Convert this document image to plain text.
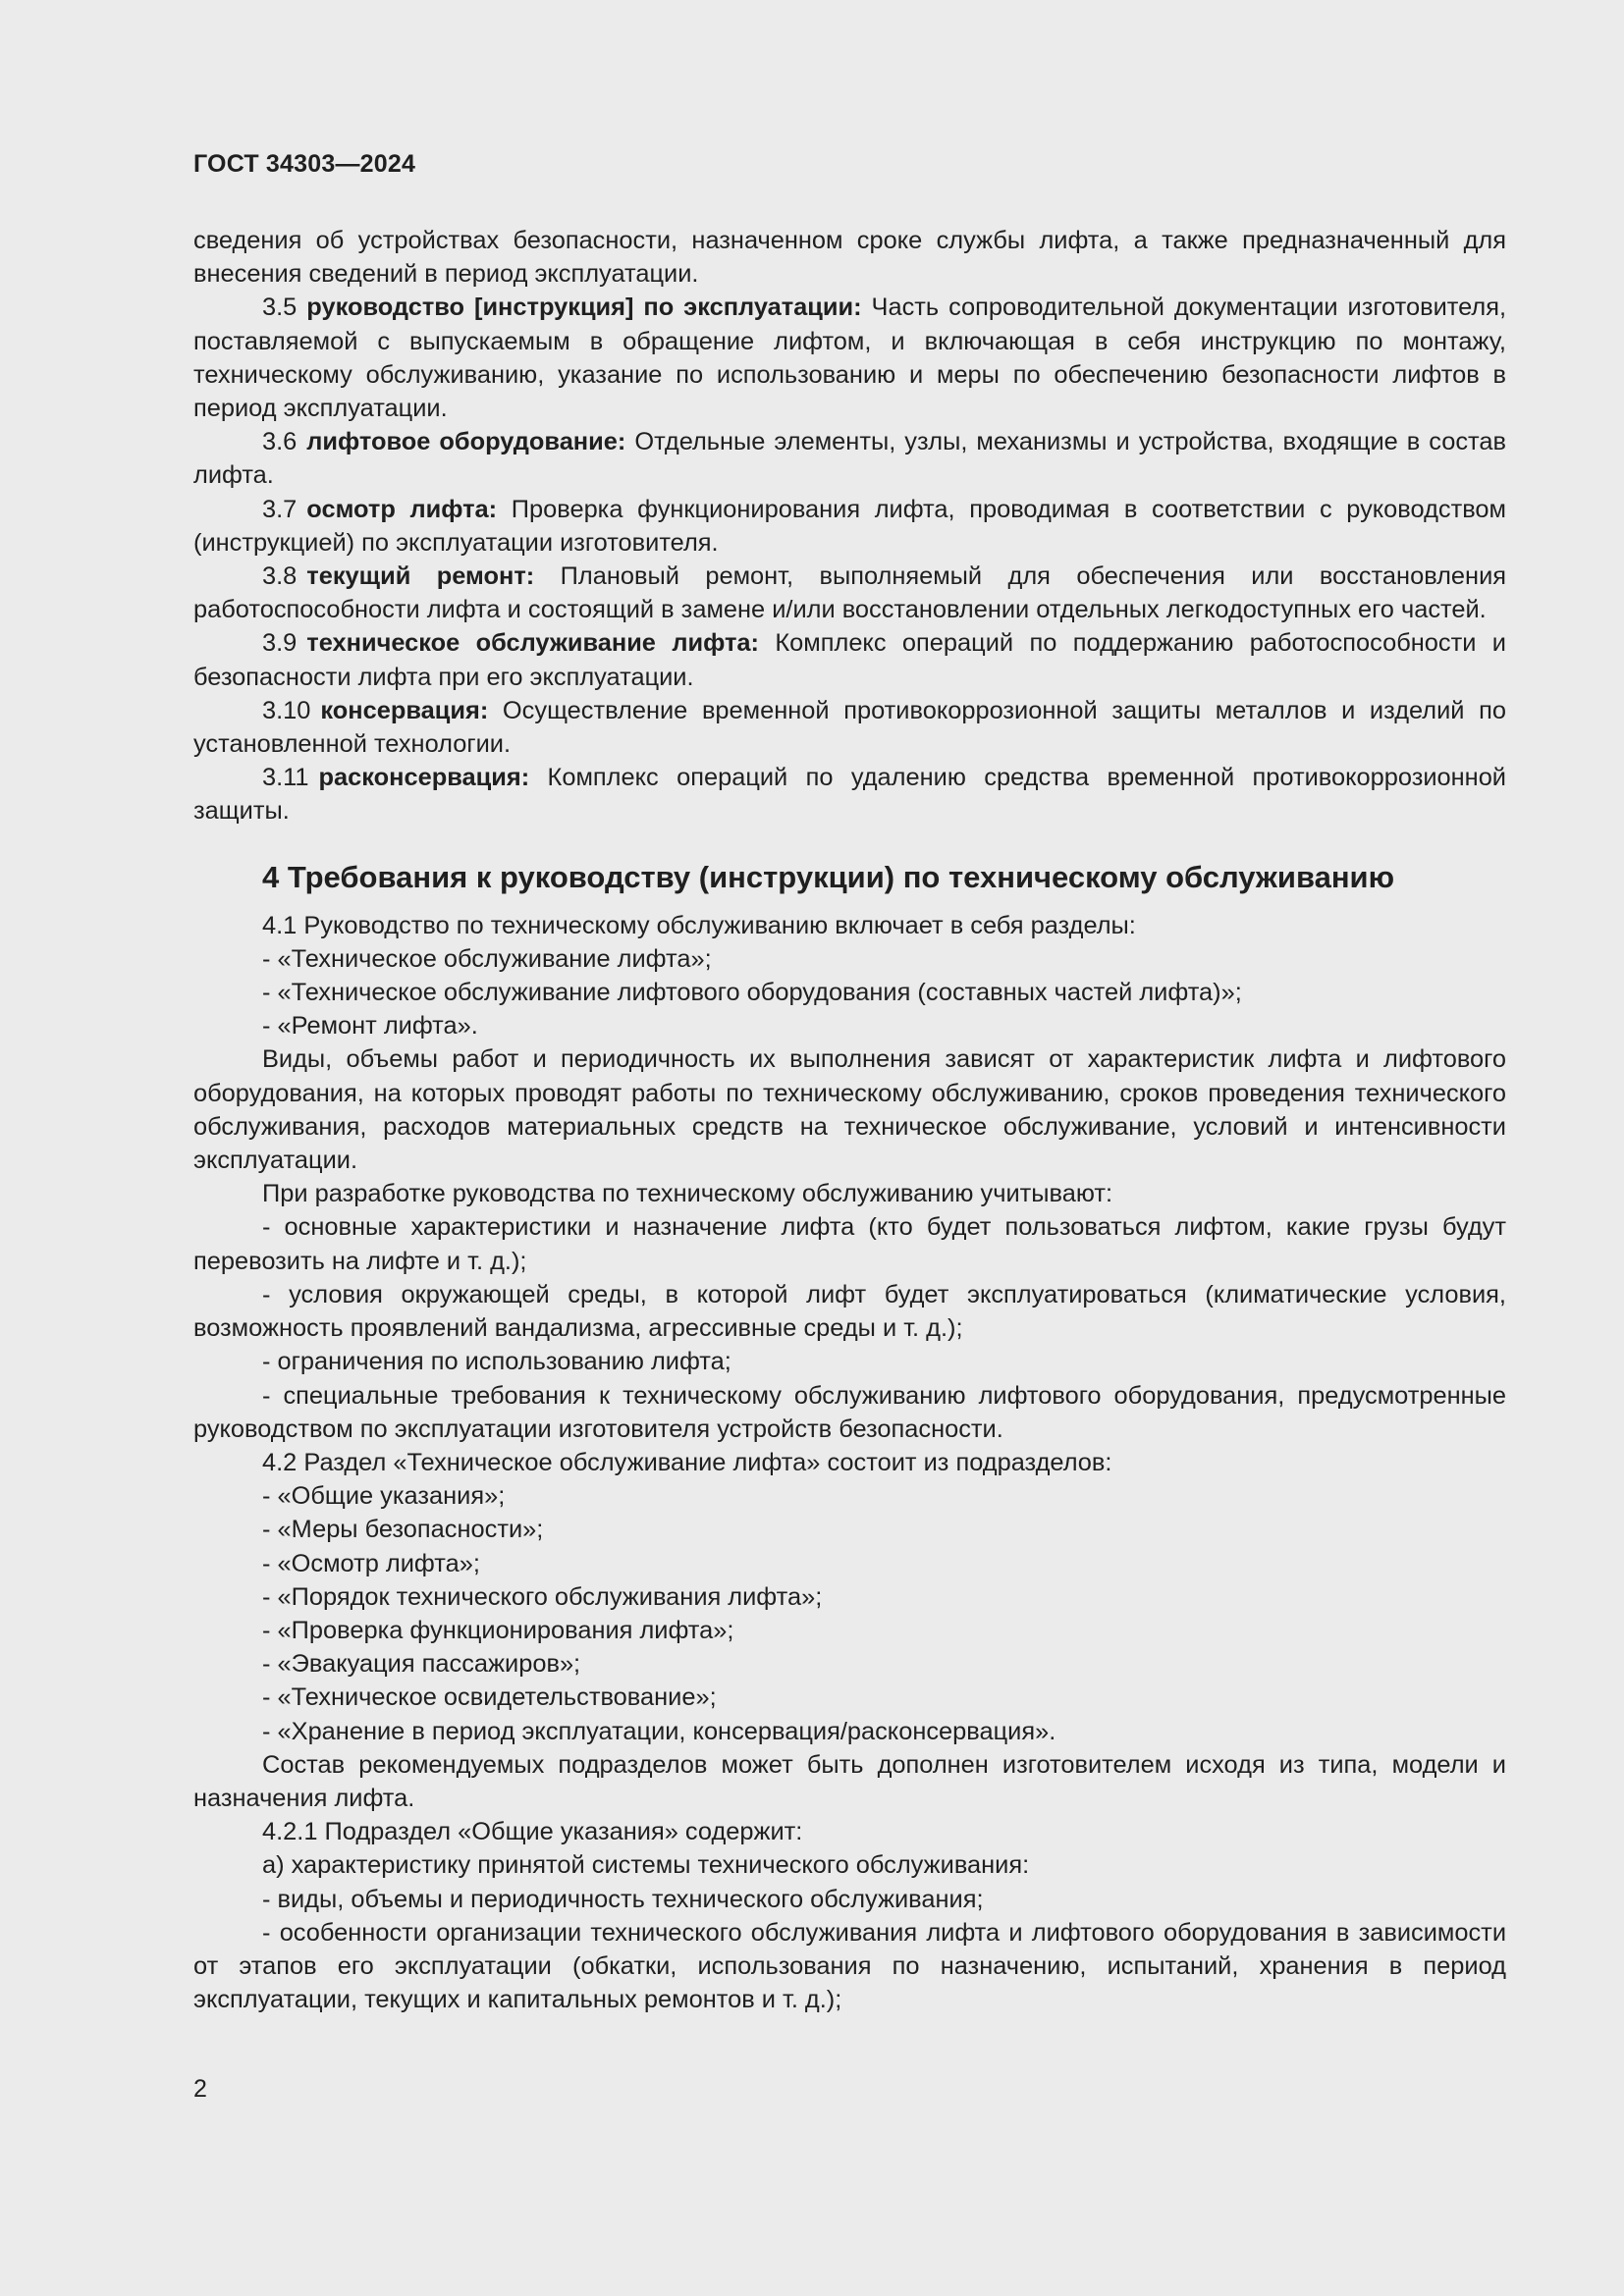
ГОСТ 34303—2024

сведения об устройствах безопасности, назначенном сроке службы лифта, а также предназначенный для внесения сведений в период эксплуатации.

3.5 руководство [инструкция] по эксплуатации: Часть сопроводительной документации изготовителя, поставляемой с выпускаемым в обращение лифтом, и включающая в себя инструкцию по монтажу, техническому обслуживанию, указание по использованию и меры по обеспечению безопасности лифтов в период эксплуатации.

3.6 лифтовое оборудование: Отдельные элементы, узлы, механизмы и устройства, входящие в состав лифта.

3.7 осмотр лифта: Проверка функционирования лифта, проводимая в соответствии с руководством (инструкцией) по эксплуатации изготовителя.

3.8 текущий ремонт: Плановый ремонт, выполняемый для обеспечения или восстановления работоспособности лифта и состоящий в замене и/или восстановлении отдельных легкодоступных его частей.

3.9 техническое обслуживание лифта: Комплекс операций по поддержанию работоспособности и безопасности лифта при его эксплуатации.

3.10 консервация: Осуществление временной противокоррозионной защиты металлов и изделий по установленной технологии.

3.11 расконсервация: Комплекс операций по удалению средства временной противокоррозионной защиты.

4 Требования к руководству (инструкции) по техническому обслуживанию

4.1 Руководство по техническому обслуживанию включает в себя разделы:

- «Техническое обслуживание лифта»;

- «Техническое обслуживание лифтового оборудования (составных частей лифта)»;

- «Ремонт лифта».

Виды, объемы работ и периодичность их выполнения зависят от характеристик лифта и лифтового оборудования, на которых проводят работы по техническому обслуживанию, сроков проведения технического обслуживания, расходов материальных средств на техническое обслуживание, условий и интенсивности эксплуатации.

При разработке руководства по техническому обслуживанию учитывают:

- основные характеристики и назначение лифта (кто будет пользоваться лифтом, какие грузы будут перевозить на лифте и т. д.);

- условия окружающей среды, в которой лифт будет эксплуатироваться (климатические условия, возможность проявлений вандализма, агрессивные среды и т. д.);

- ограничения по использованию лифта;

- специальные требования к техническому обслуживанию лифтового оборудования, предусмотренные руководством по эксплуатации изготовителя устройств безопасности.

4.2 Раздел «Техническое обслуживание лифта» состоит из подразделов:

- «Общие указания»;

- «Меры безопасности»;

- «Осмотр лифта»;

- «Порядок технического обслуживания лифта»;

- «Проверка функционирования лифта»;

- «Эвакуация пассажиров»;

- «Техническое освидетельствование»;

- «Хранение в период эксплуатации, консервация/расконсервация».

Состав рекомендуемых подразделов может быть дополнен изготовителем исходя из типа, модели и назначения лифта.

4.2.1 Подраздел «Общие указания» содержит:

а) характеристику принятой системы технического обслуживания:

- виды, объемы и периодичность технического обслуживания;

- особенности организации технического обслуживания лифта и лифтового оборудования в зависимости от этапов его эксплуатации (обкатки, использования по назначению, испытаний, хранения в период эксплуатации, текущих и капитальных ремонтов и т. д.);

2
